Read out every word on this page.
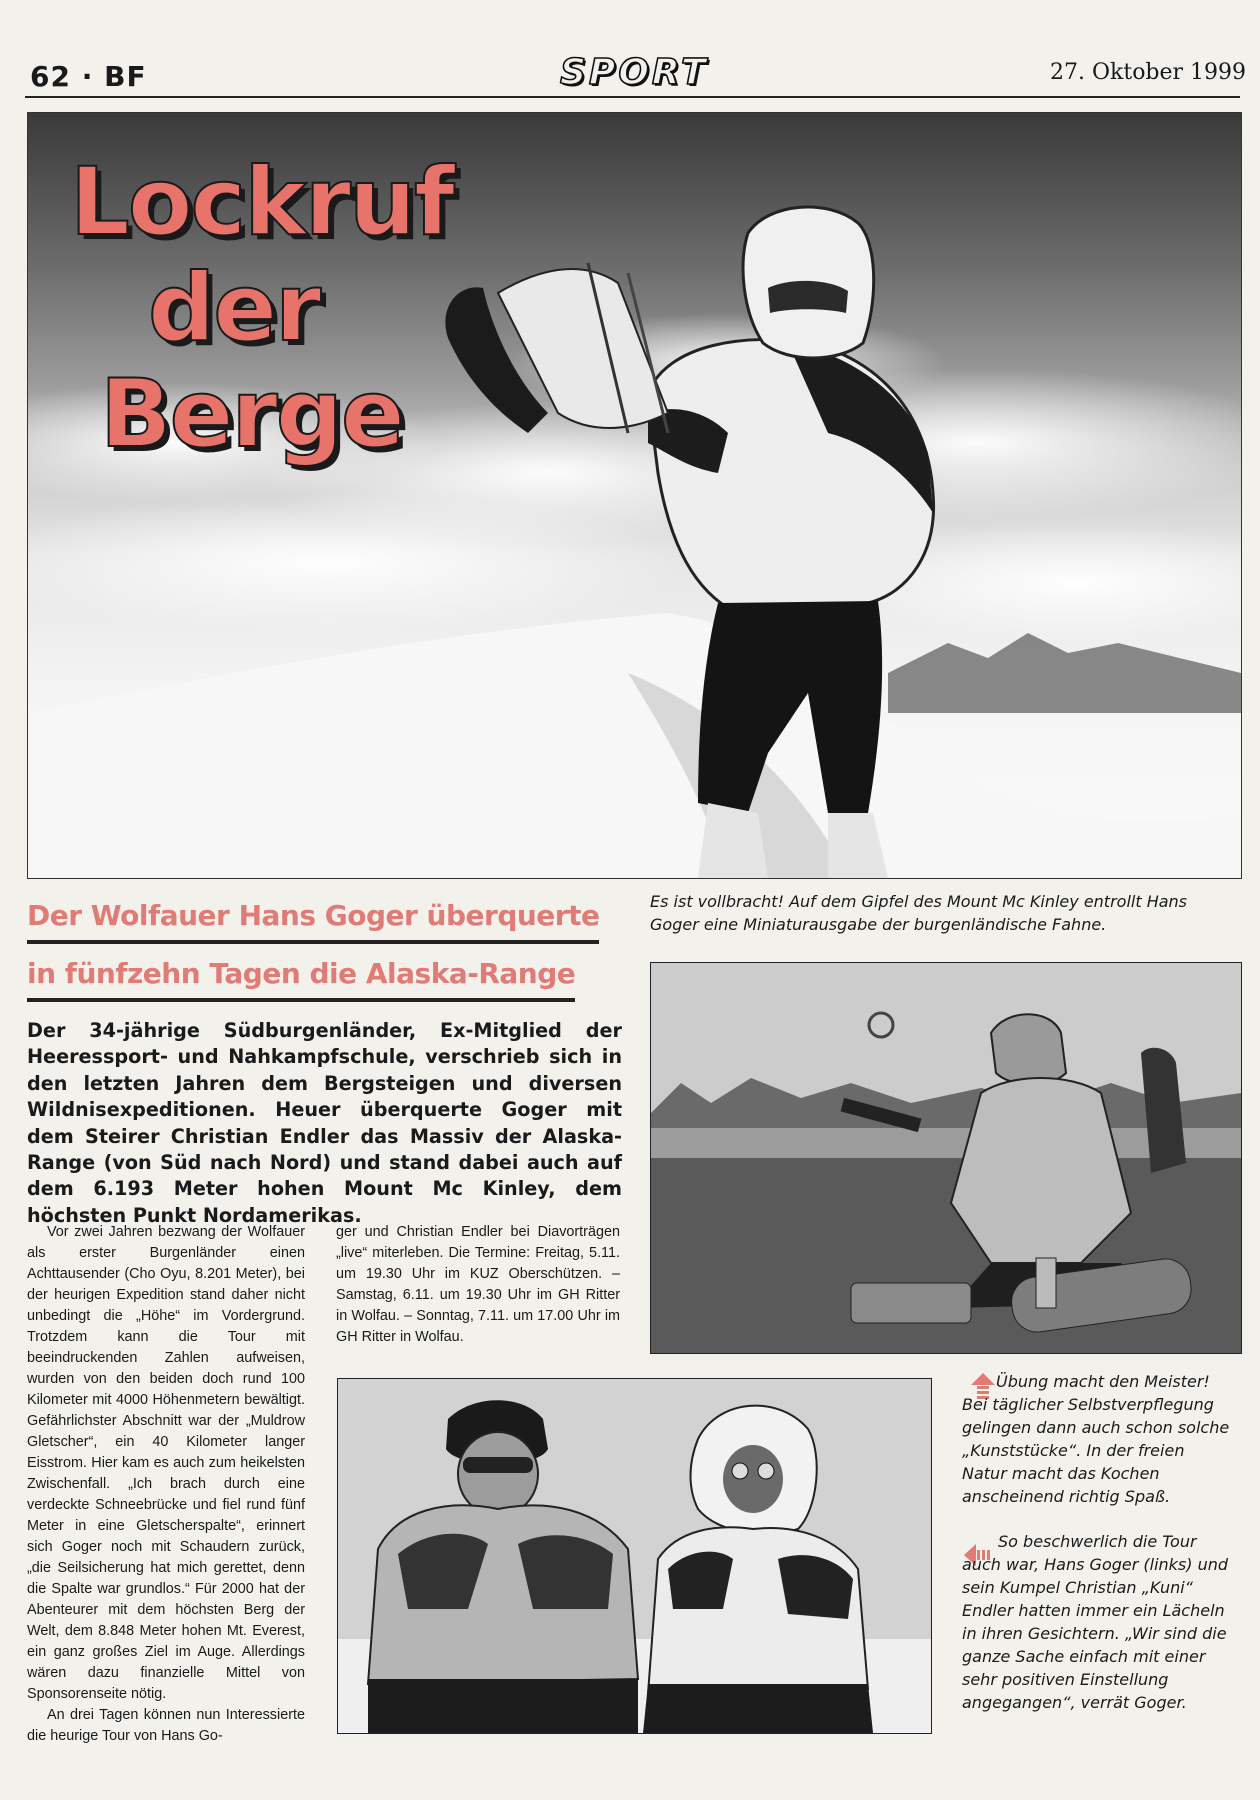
62 · BF	SPORT	27. Oktober 1999
Lockruf
der
Berge
Es ist vollbracht! Auf dem Gipfel des Mount Mc Kinley entrollt Hans Goger eine Miniaturausgabe der burgenländische Fahne.
Der Wolfauer Hans Goger überquerte in fünfzehn Tagen die Alaska-Range
Der 34-jährige Südburgenländer, Ex-Mitglied der Heeressport- und Nahkampfschule, verschrieb sich in den letzten Jahren dem Bergsteigen und diversen Wildnisexpeditionen. Heuer überquerte Goger mit dem Steirer Christian Endler das Massiv der Alaska-Range (von Süd nach Nord) und stand dabei auch auf dem 6.193 Meter hohen Mount Mc Kinley, dem höchsten Punkt Nordamerikas.

Vor zwei Jahren bezwang der Wolfauer als erster Burgenländer einen Achttausender (Cho Oyu, 8.201 Meter), bei der heurigen Expedition stand daher nicht unbedingt die „Höhe“ im Vordergrund. Trotzdem kann die Tour mit beeindruckenden Zahlen aufweisen, wurden von den beiden doch rund 100 Kilometer mit 4000 Höhenmetern bewältigt. Gefährlichster Abschnitt war der „Muldrow Gletscher“, ein 40 Kilometer langer Eisstrom. Hier kam es auch zum heikelsten Zwischenfall. „Ich brach durch eine verdeckte Schneebrücke und fiel rund fünf Meter in eine Gletscherspalte“, erinnert sich Goger noch mit Schaudern zurück, „die Seilsicherung hat mich gerettet, denn die Spalte war grundlos.“ Für 2000 hat der Abenteurer mit dem höchsten Berg der Welt, dem 8.848 Meter hohen Mt. Everest, ein ganz großes Ziel im Auge. Allerdings wären dazu finanzielle Mittel von Sponsorenseite nötig.

An drei Tagen können nun Interessierte die heurige Tour von Hans Go-

ger und Christian Endler bei Diavorträgen „live“ miterleben. Die Termine: Freitag, 5.11. um 19.30 Uhr im KUZ Oberschützen. – Samstag, 6.11. um 19.30 Uhr im GH Ritter in Wolfau. – Sonntag, 7.11. um 17.00 Uhr im GH Ritter in Wolfau.

Übung macht den Meister! Bei täglicher Selbstverpflegung gelingen dann auch schon solche „Kunststücke“. In der freien Natur macht das Kochen anscheinend richtig Spaß.
So beschwerlich die Tour auch war, Hans Goger (links) und sein Kumpel Christian „Kuni“ Endler hatten immer ein Lächeln in ihren Gesichtern. „Wir sind die ganze Sache einfach mit einer sehr positiven Einstellung angegangen“, verrät Goger.
